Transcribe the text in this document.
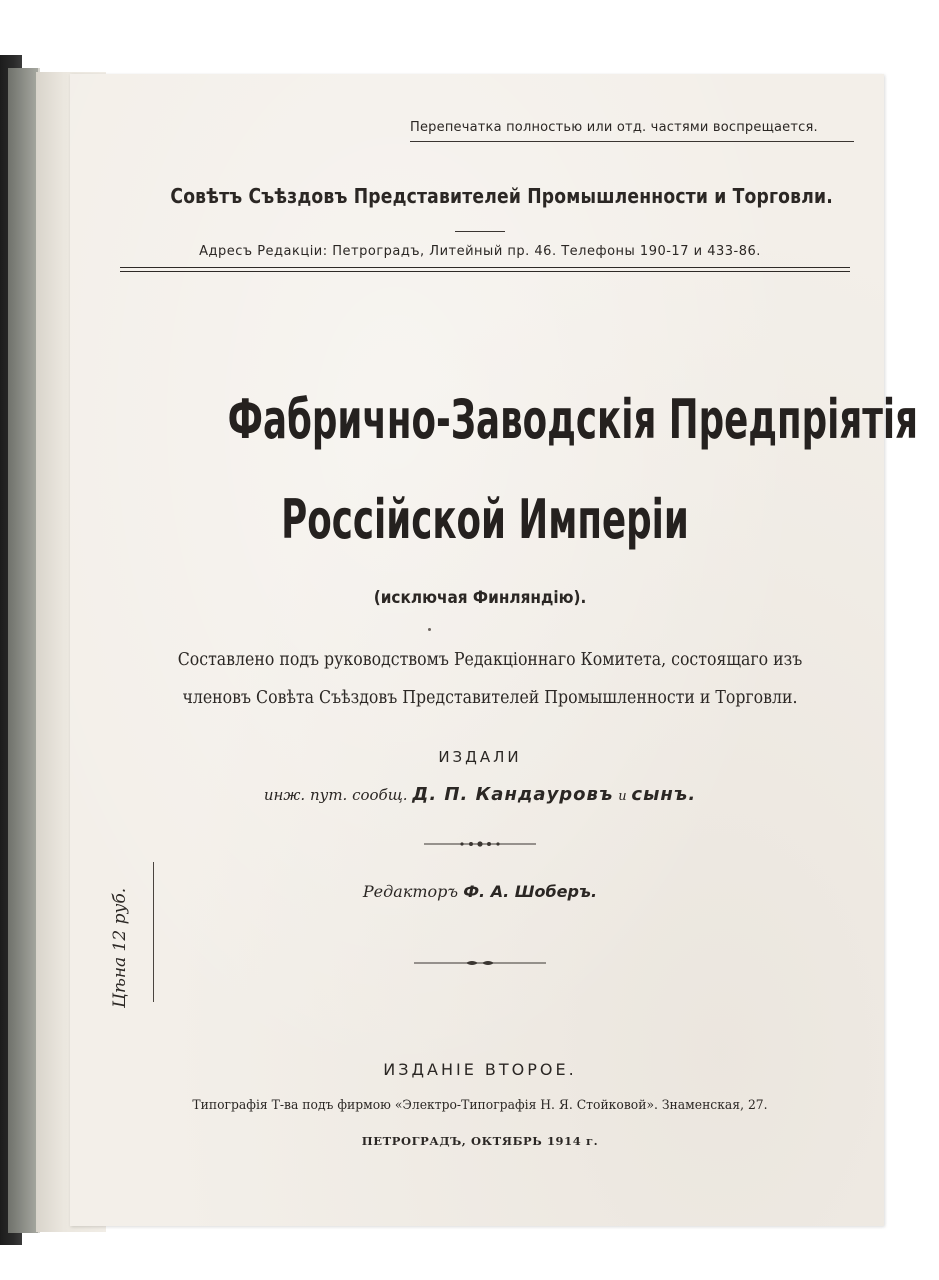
Перепечатка полностью или отд. частями воспрещается.
Совѣтъ Съѣздовъ Представителей Промышленности и Торговли.
Адресъ Редакціи: Петроградъ, Литейный пр. 46. Телефоны 190-17 и 433-86.
Фабрично-Заводскія Предпріятія
Россійской Имперіи
(исключая Финляндію).
Составлено подъ руководствомъ Редакціоннаго Комитета, состоящаго изъ
членовъ Совѣта Съѣздовъ Представителей Промышленности и Торговли.
ИЗДАЛИ
инж. пут. сообщ. Д. П. Кандауровъ и сынъ.
Редакторъ Ф. А. Шоберъ.
Цѣна 12 руб.
ИЗДАНІЕ ВТОРОЕ.
Типографія Т-ва подъ фирмою «Электро-Типографія Н. Я. Стойковой». Знаменская, 27.
ПЕТРОГРАДЪ, ОКТЯБРЬ 1914 г.
